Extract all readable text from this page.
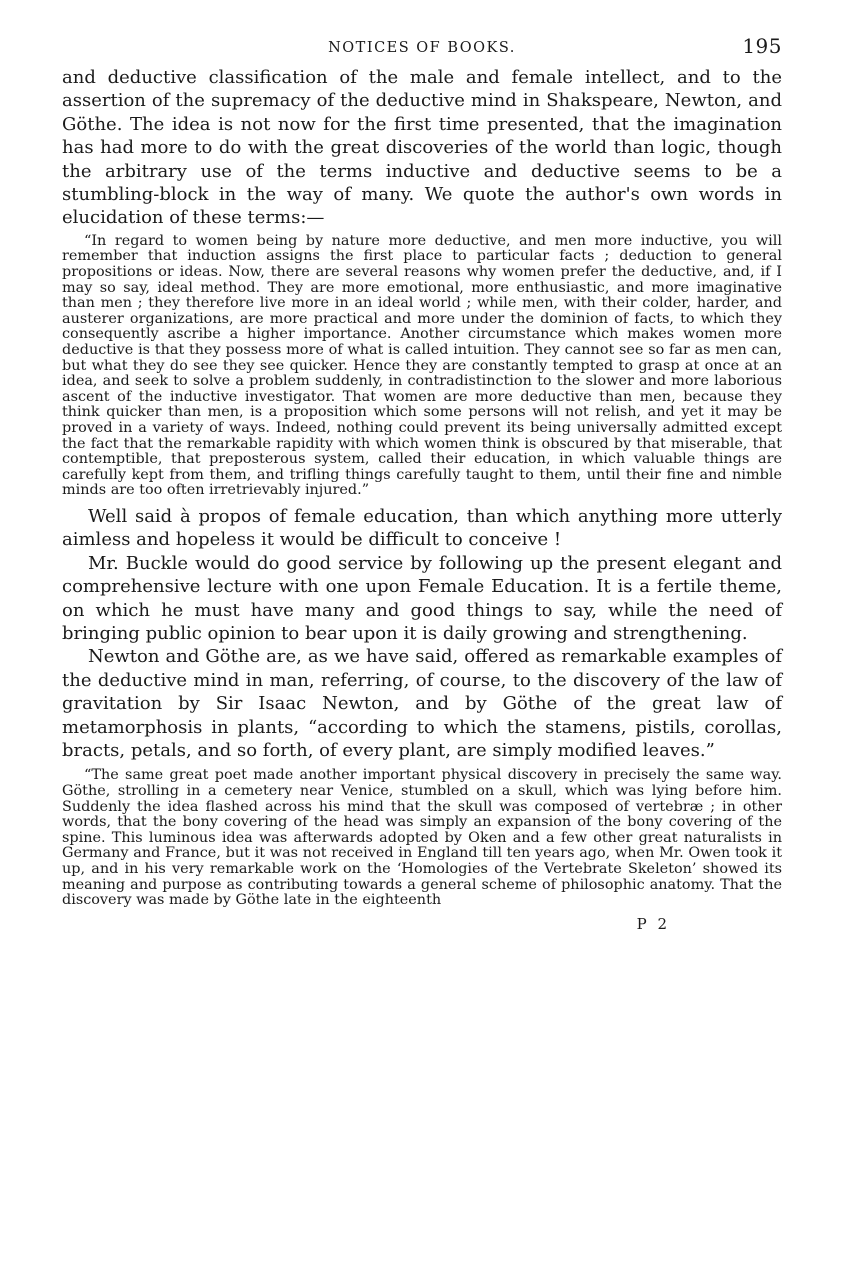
NOTICES OF BOOKS.	195

and deductive classification of the male and female intellect, and to the assertion of the supremacy of the deductive mind in Shakspeare, Newton, and Göthe. The idea is not now for the first time presented, that the imagination has had more to do with the great discoveries of the world than logic, though the arbitrary use of the terms inductive and deductive seems to be a stumbling-block in the way of many. We quote the author's own words in elucidation of these terms:—

“In regard to women being by nature more deductive, and men more inductive, you will remember that induction assigns the first place to particular facts ; deduction to general propositions or ideas. Now, there are several reasons why women prefer the deductive, and, if I may so say, ideal method. They are more emotional, more enthusiastic, and more imaginative than men ; they therefore live more in an ideal world ; while men, with their colder, harder, and austerer organizations, are more practical and more under the dominion of facts, to which they consequently ascribe a higher importance. Another circumstance which makes women more deductive is that they possess more of what is called intuition. They cannot see so far as men can, but what they do see they see quicker. Hence they are constantly tempted to grasp at once at an idea, and seek to solve a problem suddenly, in contradistinction to the slower and more laborious ascent of the inductive investigator. That women are more deductive than men, because they think quicker than men, is a proposition which some persons will not relish, and yet it may be proved in a variety of ways. Indeed, nothing could prevent its being universally admitted except the fact that the remarkable rapidity with which women think is obscured by that miserable, that contemptible, that preposterous system, called their education, in which valuable things are carefully kept from them, and trifling things carefully taught to them, until their fine and nimble minds are too often irretrievably injured.”

Well said à propos of female education, than which anything more utterly aimless and hopeless it would be difficult to conceive !

Mr. Buckle would do good service by following up the present elegant and comprehensive lecture with one upon Female Education. It is a fertile theme, on which he must have many and good things to say, while the need of bringing public opinion to bear upon it is daily growing and strengthening.

Newton and Göthe are, as we have said, offered as remarkable examples of the deductive mind in man, referring, of course, to the discovery of the law of gravitation by Sir Isaac Newton, and by Göthe of the great law of metamorphosis in plants, “according to which the stamens, pistils, corollas, bracts, petals, and so forth, of every plant, are simply modified leaves.”

“The same great poet made another important physical discovery in precisely the same way. Göthe, strolling in a cemetery near Venice, stumbled on a skull, which was lying before him. Suddenly the idea flashed across his mind that the skull was composed of vertebræ ; in other words, that the bony covering of the head was simply an expansion of the bony covering of the spine. This luminous idea was afterwards adopted by Oken and a few other great naturalists in Germany and France, but it was not received in England till ten years ago, when Mr. Owen took it up, and in his very remarkable work on the ‘Homologies of the Vertebrate Skeleton’ showed its meaning and purpose as contributing towards a general scheme of philosophic anatomy. That the discovery was made by Göthe late in the eighteenth

P 2
